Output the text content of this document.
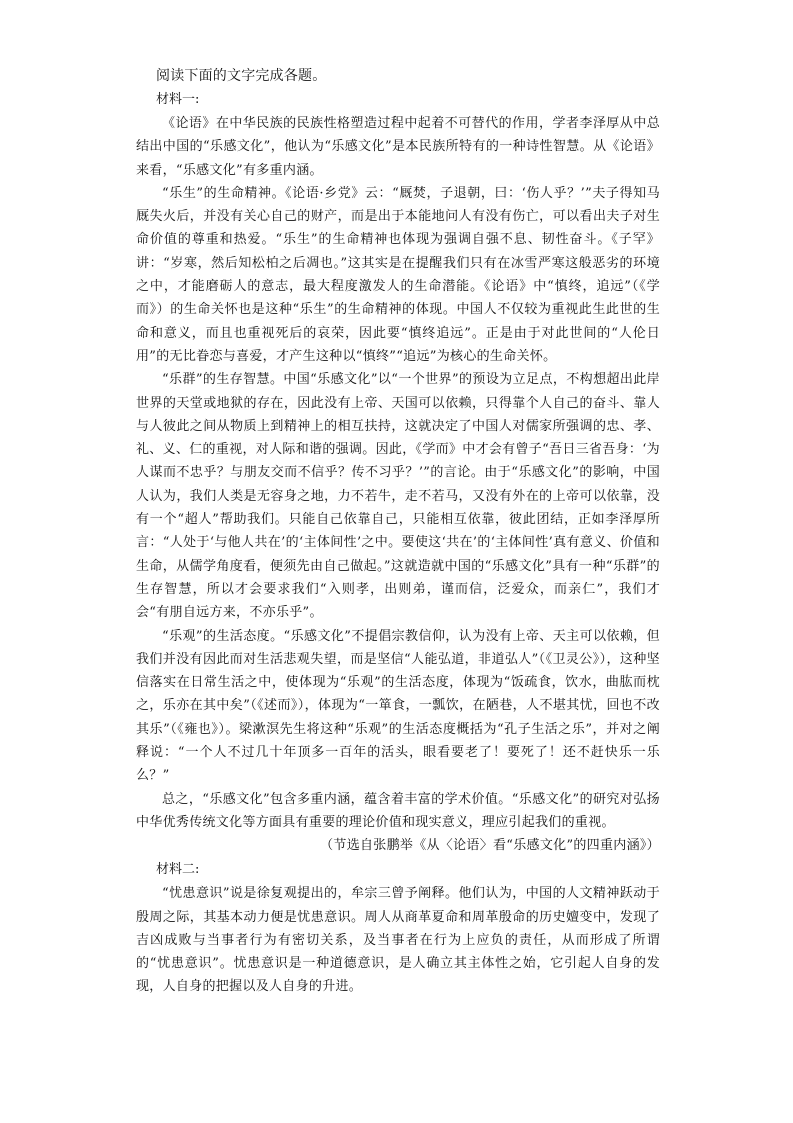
阅读下面的文字完成各题。

材料一:

《论语》在中华民族的民族性格塑造过程中起着不可替代的作用，学者李泽厚从中总结出中国的“乐感文化”，他认为“乐感文化”是本民族所特有的一种诗性智慧。从《论语》来看，“乐感文化”有多重内涵。

“乐生”的生命精神。《论语·乡党》云：“厩焚，子退朝，曰：‘伤人乎？’”夫子得知马厩失火后，并没有关心自己的财产，而是出于本能地问人有没有伤亡，可以看出夫子对生命价值的尊重和热爱。“乐生”的生命精神也体现为强调自强不息、韧性奋斗。《子罕》讲：“岁寒，然后知松柏之后凋也。”这其实是在提醒我们只有在冰雪严寒这般恶劣的环境之中，才能磨砺人的意志，最大程度激发人的生命潜能。《论语》中“慎终，追远”（《学而》）的生命关怀也是这种“乐生”的生命精神的体现。中国人不仅较为重视此生此世的生命和意义，而且也重视死后的哀荣，因此要“慎终追远”。正是由于对此世间的“人伦日用”的无比眷恋与喜爱，才产生这种以“慎终”“追远”为核心的生命关怀。

“乐群”的生存智慧。中国“乐感文化”以“一个世界”的预设为立足点，不构想超出此岸世界的天堂或地狱的存在，因此没有上帝、天国可以依赖，只得靠个人自己的奋斗、靠人与人彼此之间从物质上到精神上的相互扶持，这就决定了中国人对儒家所强调的忠、孝、礼、义、仁的重视，对人际和谐的强调。因此，《学而》中才会有曾子“吾日三省吾身：‘为人谋而不忠乎？与朋友交而不信乎？传不习乎？’”的言论。由于“乐感文化”的影响，中国人认为，我们人类是无容身之地，力不若牛，走不若马，又没有外在的上帝可以依靠，没有一个“超人”帮助我们。只能自己依靠自己，只能相互依靠，彼此团结，正如李泽厚所言：“人处于‘与他人共在’的‘主体间性’之中。要使这‘共在’的‘主体间性’真有意义、价值和生命，从儒学角度看，便须先由自己做起。”这就造就中国的“乐感文化”具有一种“乐群”的生存智慧，所以才会要求我们“入则孝，出则弟，谨而信，泛爱众，而亲仁”，我们才会“有朋自远方来，不亦乐乎”。

“乐观”的生活态度。“乐感文化”不提倡宗教信仰，认为没有上帝、天主可以依赖，但我们并没有因此而对生活悲观失望，而是坚信“人能弘道，非道弘人”（《卫灵公》），这种坚信落实在日常生活之中，使体现为“乐观”的生活态度，体现为“饭疏食，饮水，曲肱而枕之，乐亦在其中矣”（《述而》），体现为“一箪食，一瓢饮，在陋巷，人不堪其忧，回也不改其乐”（《雍也》）。梁漱溟先生将这种“乐观”的生活态度概括为“孔子生活之乐”，并对之阐释说：“一个人不过几十年顶多一百年的活头，眼看要老了！要死了！还不赶快乐一乐么？”

总之，“乐感文化”包含多重内涵，蕴含着丰富的学术价值。“乐感文化”的研究对弘扬中华优秀传统文化等方面具有重要的理论价值和现实意义，理应引起我们的重视。

（节选自张鹏举《从〈论语〉看“乐感文化”的四重内涵》）

材料二:

“忧患意识”说是徐复观提出的，牟宗三曾予阐释。他们认为，中国的人文精神跃动于殷周之际，其基本动力便是忧患意识。周人从商革夏命和周革殷命的历史嬗变中，发现了吉凶成败与当事者行为有密切关系，及当事者在行为上应负的责任，从而形成了所谓的“忧患意识”。忧患意识是一种道德意识，是人确立其主体性之始，它引起人自身的发现，人自身的把握以及人自身的升进。
